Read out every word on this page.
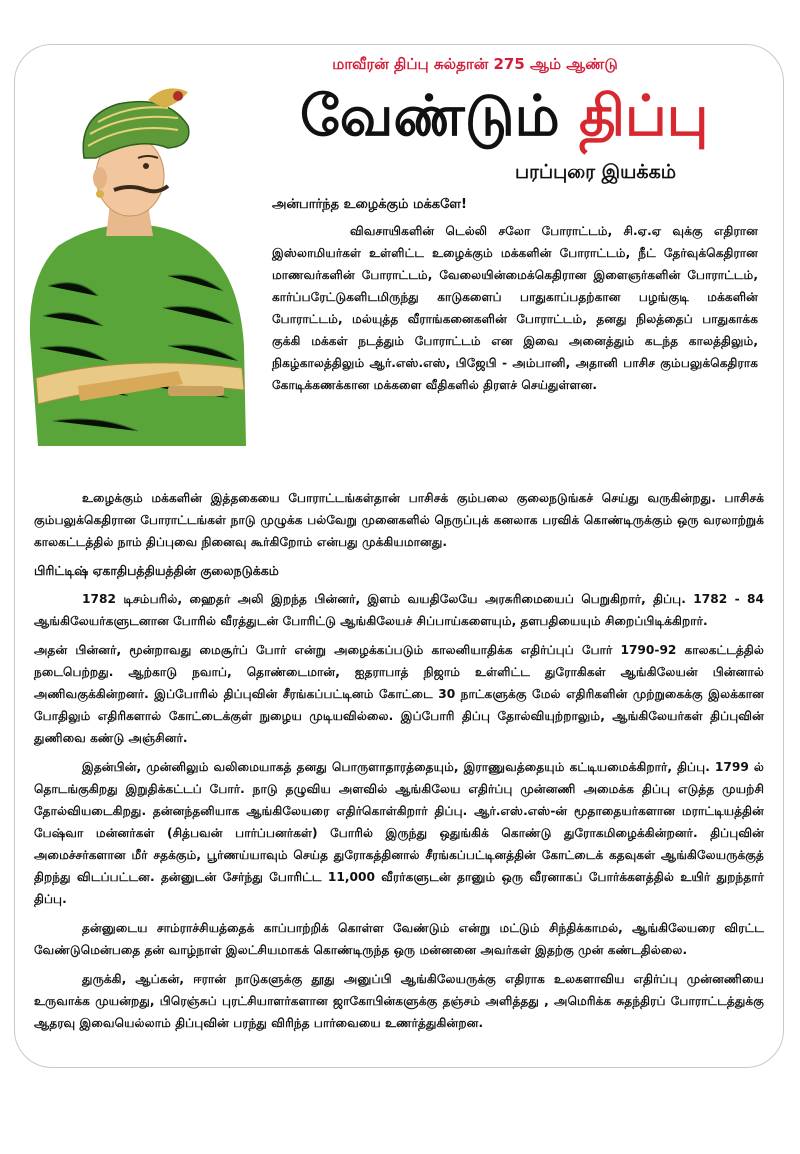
மாவீரன் திப்பு சுல்தான் 275 ஆம் ஆண்டு
வேண்டும் திப்பு
பரப்புரை இயக்கம்
அன்பார்ந்த உழைக்கும் மக்களே!

விவசாயிகளின் டெல்லி சலோ போராட்டம், சி.ஏ.ஏ வுக்கு எதிரான இஸ்லாமியர்கள் உள்ளிட்ட உழைக்கும் மக்களின் போராட்டம், நீட் தேர்வுக்கெதிரான மாணவர்களின் போராட்டம், வேலையின்மைக்கெதிரான இளைஞர்களின் போராட்டம், கார்ப்பரேட்டுகளிடமிருந்து காடுகளைப் பாதுகாப்பதற்கான பழங்குடி மக்களின் போராட்டம், மல்யுத்த வீராங்கனைகளின் போராட்டம், தனது நிலத்தைப் பாதுகாக்க குக்கி மக்கள் நடத்தும் போராட்டம் என இவை அனைத்தும் கடந்த காலத்திலும், நிகழ்காலத்திலும் ஆர்.எஸ்.எஸ், பிஜேபி - அம்பானி, அதானி பாசிச கும்பலுக்கெதிராக கோடிக்கணக்கான மக்களை வீதிகளில் திரளச் செய்துள்ளன.

உழைக்கும் மக்களின் இத்தகையை போராட்டங்கள்தான் பாசிசக் கும்பலை குலைநடுங்கச் செய்து வருகின்றது. பாசிசக் கும்பலுக்கெதிரான போராட்டங்கள் நாடு முழுக்க பல்வேறு முனைகளில் நெருப்புக் கனலாக பரவிக் கொண்டிருக்கும் ஒரு வரலாற்றுக் காலகட்டத்தில் நாம் திப்புவை நினைவு கூர்கிறோம் என்பது முக்கியமானது.

பிரிட்டிஷ் ஏகாதிபத்தியத்தின் குலைநடுக்கம்

1782 டிசம்பரில், ஹைதர் அலி இறந்த பின்னர், இளம் வயதிலேயே அரசுரிமையைப் பெறுகிறார், திப்பு. 1782 - 84 ஆங்கிலேயர்களுடனான போரில் வீரத்துடன் போரிட்டு ஆங்கிலேயச் சிப்பாய்களையும், தளபதியையும் சிறைப்பிடிக்கிறார்.

அதன் பின்னர், மூன்றாவது மைசூர்ப் போர் என்று அழைக்கப்படும் காலனியாதிக்க எதிர்ப்புப் போர் 1790-92 காலகட்டத்தில் நடைபெற்றது. ஆற்காடு நவாப், தொண்டைமான், ஐதராபாத் நிஜாம் உள்ளிட்ட துரோகிகள் ஆங்கிலேயன் பின்னால் அணிவகுக்கின்றனர். இப்போரில் திப்புவின் சீரங்கப்பட்டினம் கோட்டை 30 நாட்களுக்கு மேல் எதிரிகளின் முற்றுகைக்கு இலக்கான போதிலும் எதிரிகளால் கோட்டைக்குள் நுழைய முடியவில்லை. இப்போரி திப்பு தோல்வியுற்றாலும், ஆங்கிலேயர்கள் திப்புவின் துணிவை கண்டு அஞ்சினர்.

இதன்பின், முன்னிலும் வலிமையாகத் தனது பொருளாதாரத்தையும், இராணுவத்தையும் கட்டியமைக்கிறார், திப்பு. 1799 ல் தொடங்குகிறது இறுதிக்கட்டப் போர். நாடு தழுவிய அளவில் ஆங்கிலேய எதிர்ப்பு முன்னணி அமைக்க திப்பு எடுத்த முயற்சி தோல்வியடைகிறது. தன்னந்தனியாக ஆங்கிலேயரை எதிர்கொள்கிறார் திப்பு. ஆர்.எஸ்.எஸ்-ன் மூதாதையர்களான மராட்டியத்தின் பேஷ்வா மன்னர்கள் (சித்பவன் பார்ப்பனர்கள்) போரில் இருந்து ஒதுங்கிக் கொண்டு துரோகமிழைக்கின்றனர். திப்புவின் அமைச்சர்களான மீர் சதக்கும், பூர்ணய்யாவும் செய்த துரோகத்தினால் சீரங்கப்பட்டினத்தின் கோட்டைக் கதவுகள் ஆங்கிலேயருக்குத் திறந்து விடப்பட்டன. தன்னுடன் சேர்ந்து போரிட்ட 11,000 வீரர்களுடன் தானும் ஒரு வீரனாகப் போர்க்களத்தில் உயிர் துறந்தார் திப்பு.

தன்னுடைய சாம்ராச்சியத்தைக் காப்பாற்றிக் கொள்ள வேண்டும் என்று மட்டும் சிந்திக்காமல், ஆங்கிலேயரை விரட்ட வேண்டுமென்பதை தன் வாழ்நாள் இலட்சியமாகக் கொண்டிருந்த ஒரு மன்னனை அவர்கள் இதற்கு முன் கண்டதில்லை.

துருக்கி, ஆப்கன், ஈரான் நாடுகளுக்கு தூது அனுப்பி ஆங்கிலேயருக்கு எதிராக உலகளாவிய எதிர்ப்பு முன்னணியை உருவாக்க முயன்றது, பிரெஞ்சுப் புரட்சியாளர்களான ஜாகோபின்களுக்கு தஞ்சம் அளித்தது , அமெரிக்க சுதந்திரப் போராட்டத்துக்கு ஆதரவு இவையெல்லாம் திப்புவின் பரந்து விரிந்த பார்வையை உணர்த்துகின்றன.
